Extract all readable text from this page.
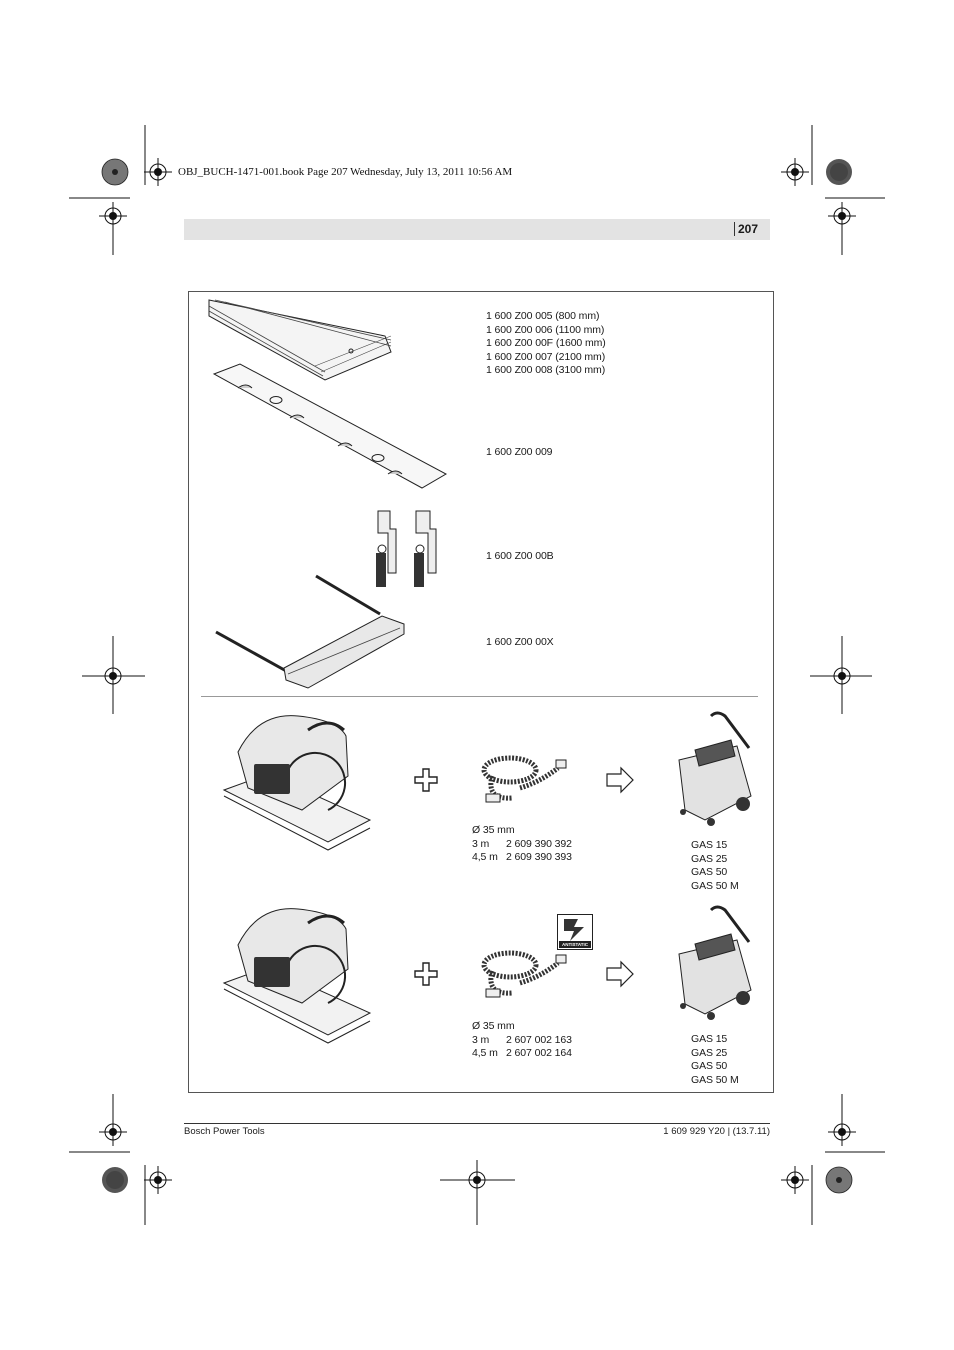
OBJ_BUCH-1471-001.book Page 207 Wednesday, July 13, 2011 10:56 AM
207
1 600 Z00 005 (800 mm)
1 600 Z00 006 (1100 mm)
1 600 Z00 00F (1600 mm)
1 600 Z00 007 (2100 mm)
1 600 Z00 008 (3100 mm)
1 600 Z00 009
1 600 Z00 00B
1 600 Z00 00X
Ø 35 mm
3 m 2 609 390 392
4,5 m 2 609 390 393
GAS 15
GAS 25
GAS 50
GAS 50 M
ANTISTATIC
Ø 35 mm
3 m 2 607 002 163
4,5 m 2 607 002 164
GAS 15
GAS 25
GAS 50
GAS 50 M
Bosch Power Tools	1 609 929 Y20 | (13.7.11)
